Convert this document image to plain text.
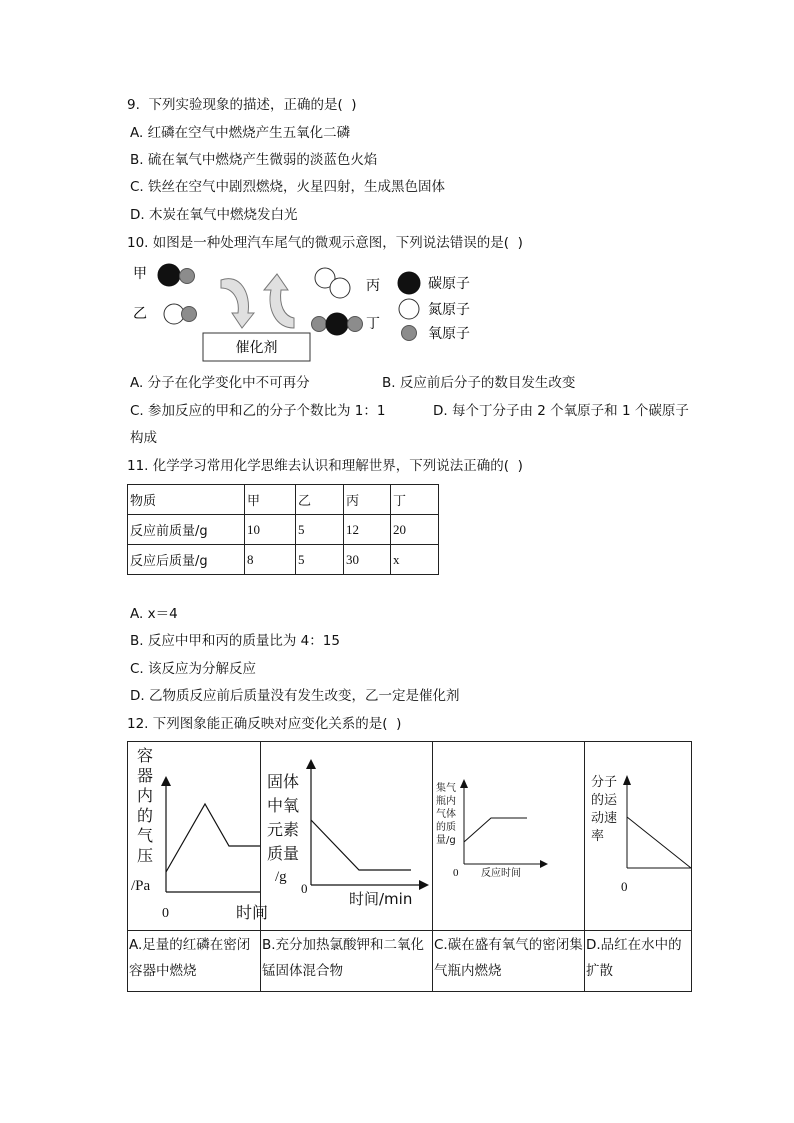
9.  下列实验现象的描述，正确的是(  )
A. 红磷在空气中燃烧产生五氧化二磷
B. 硫在氧气中燃烧产生微弱的淡蓝色火焰
C. 铁丝在空气中剧烈燃烧，火星四射，生成黑色固体
D. 木炭在氧气中燃烧发白光
10. 如图是一种处理汽车尾气的微观示意图，下列说法错误的是(  )
甲
乙
催化剂
丙
丁
碳原子
氮原子
氧原子
A. 分子在化学变化中不可再分	B. 反应前后分子的数目发生改变
C. 参加反应的甲和乙的分子个数比为 1：1	D. 每个丁分子由 2 个氧原子和 1 个碳原子
构成
11. 化学学习常用化学思维去认识和理解世界，下列说法正确的(  )
物质	甲	乙	丙	丁
反应前质量/g	10	5	12	20
反应后质量/g	8	5	30	x
A. x＝4
B. 反应中甲和丙的质量比为 4：15
C. 该反应为分解反应
D. 乙物质反应前后质量没有发生改变，乙一定是催化剂
12. 下列图象能正确反映对应变化关系的是(  )
容
器
内
的
气
压
/Pa
0	时间
固体
中氧
元素
质量
/g
0
时间/min
集气
瓶内
气体
的质
量/g
0 反应时间
分子
的运
动速
率
0
A.足量的红磷在密闭容器中燃烧
B.充分加热氯酸钾和二氧化锰固体混合物
C.碳在盛有氧气的密闭集气瓶内燃烧
D.品红在水中的扩散
